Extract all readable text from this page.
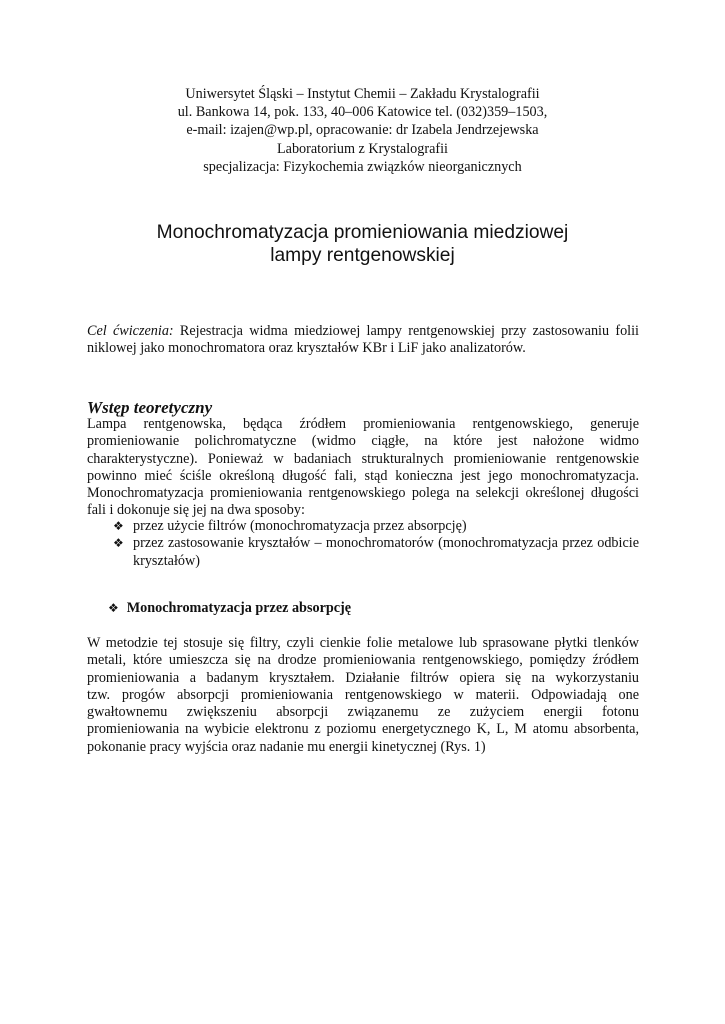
Uniwersytet Śląski – Instytut Chemii – Zakładu Krystalografii
ul. Bankowa 14, pok. 133, 40–006 Katowice tel. (032)359–1503,
e-mail: izajen@wp.pl, opracowanie: dr Izabela Jendrzejewska
Laboratorium z Krystalografii
specjalizacja: Fizykochemia związków nieorganicznych
Monochromatyzacja promieniowania miedziowej
lampy rentgenowskiej
Cel ćwiczenia: Rejestracja widma miedziowej lampy rentgenowskiej przy zastosowaniu folii niklowej jako monochromatora oraz kryształów KBr i LiF jako analizatorów.
Wstęp teoretyczny
Lampa rentgenowska, będąca źródłem promieniowania rentgenowskiego, generuje
promieniowanie polichromatyczne (widmo ciągłe, na które jest nałożone widmo
charakterystyczne). Ponieważ w badaniach strukturalnych promieniowanie rentgenowskie
powinno mieć ściśle określoną długość fali, stąd konieczna jest jego monochromatyzacja.
Monochromatyzacja promieniowania rentgenowskiego polega na selekcji określonej długości
fali i dokonuje się jej na dwa sposoby:
❖ przez użycie filtrów (monochromatyzacja przez absorpcję)
❖ przez zastosowanie kryształów – monochromatorów (monochromatyzacja przez odbicie kryształów)
❖ Monochromatyzacja przez absorpcję
W metodzie tej stosuje się filtry, czyli cienkie folie metalowe lub sprasowane płytki tlenków
metali, które umieszcza się na drodze promieniowania rentgenowskiego, pomiędzy źródłem
promieniowania a badanym kryształem. Działanie filtrów opiera się na wykorzystaniu
tzw. progów absorpcji promieniowania rentgenowskiego w materii. Odpowiadają one
gwałtownemu zwiększeniu absorpcji związanemu ze zużyciem energii fotonu
promieniowania na wybicie elektronu z poziomu energetycznego K, L, M atomu absorbenta,
pokonanie pracy wyjścia oraz nadanie mu energii kinetycznej (Rys. 1)
